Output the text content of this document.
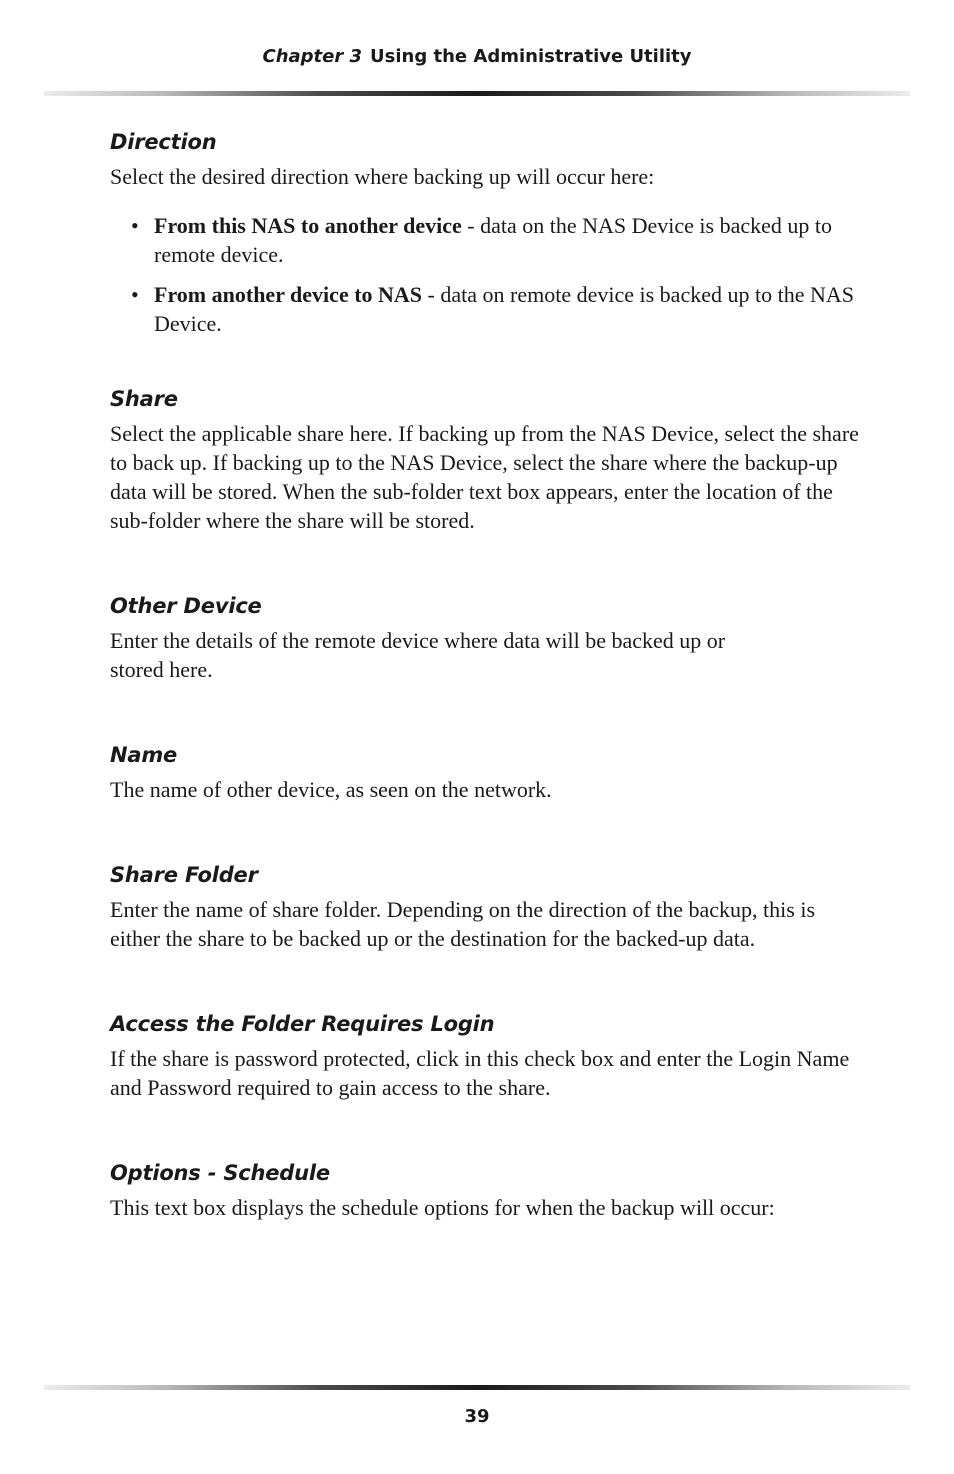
Chapter 3 Using the Administrative Utility
Direction

Select the desired direction where backing up will occur here:

• From this NAS to another device - data on the NAS Device is backed up to remote device.
• From another device to NAS - data on remote device is backed up to the NAS Device.
Share

Select the applicable share here. If backing up from the NAS Device, select the share to back up. If backing up to the NAS Device, select the share where the backup-up data will be stored. When the sub-folder text box appears, enter the location of the sub-folder where the share will be stored.

Other Device

Enter the details of the remote device where data will be backed up or stored here.

Name

The name of other device, as seen on the network.

Share Folder

Enter the name of share folder. Depending on the direction of the backup, this is either the share to be backed up or the destination for the backed-up data.

Access the Folder Requires Login

If the share is password protected, click in this check box and enter the Login Name and Password required to gain access to the share.

Options - Schedule

This text box displays the schedule options for when the backup will occur:

39
